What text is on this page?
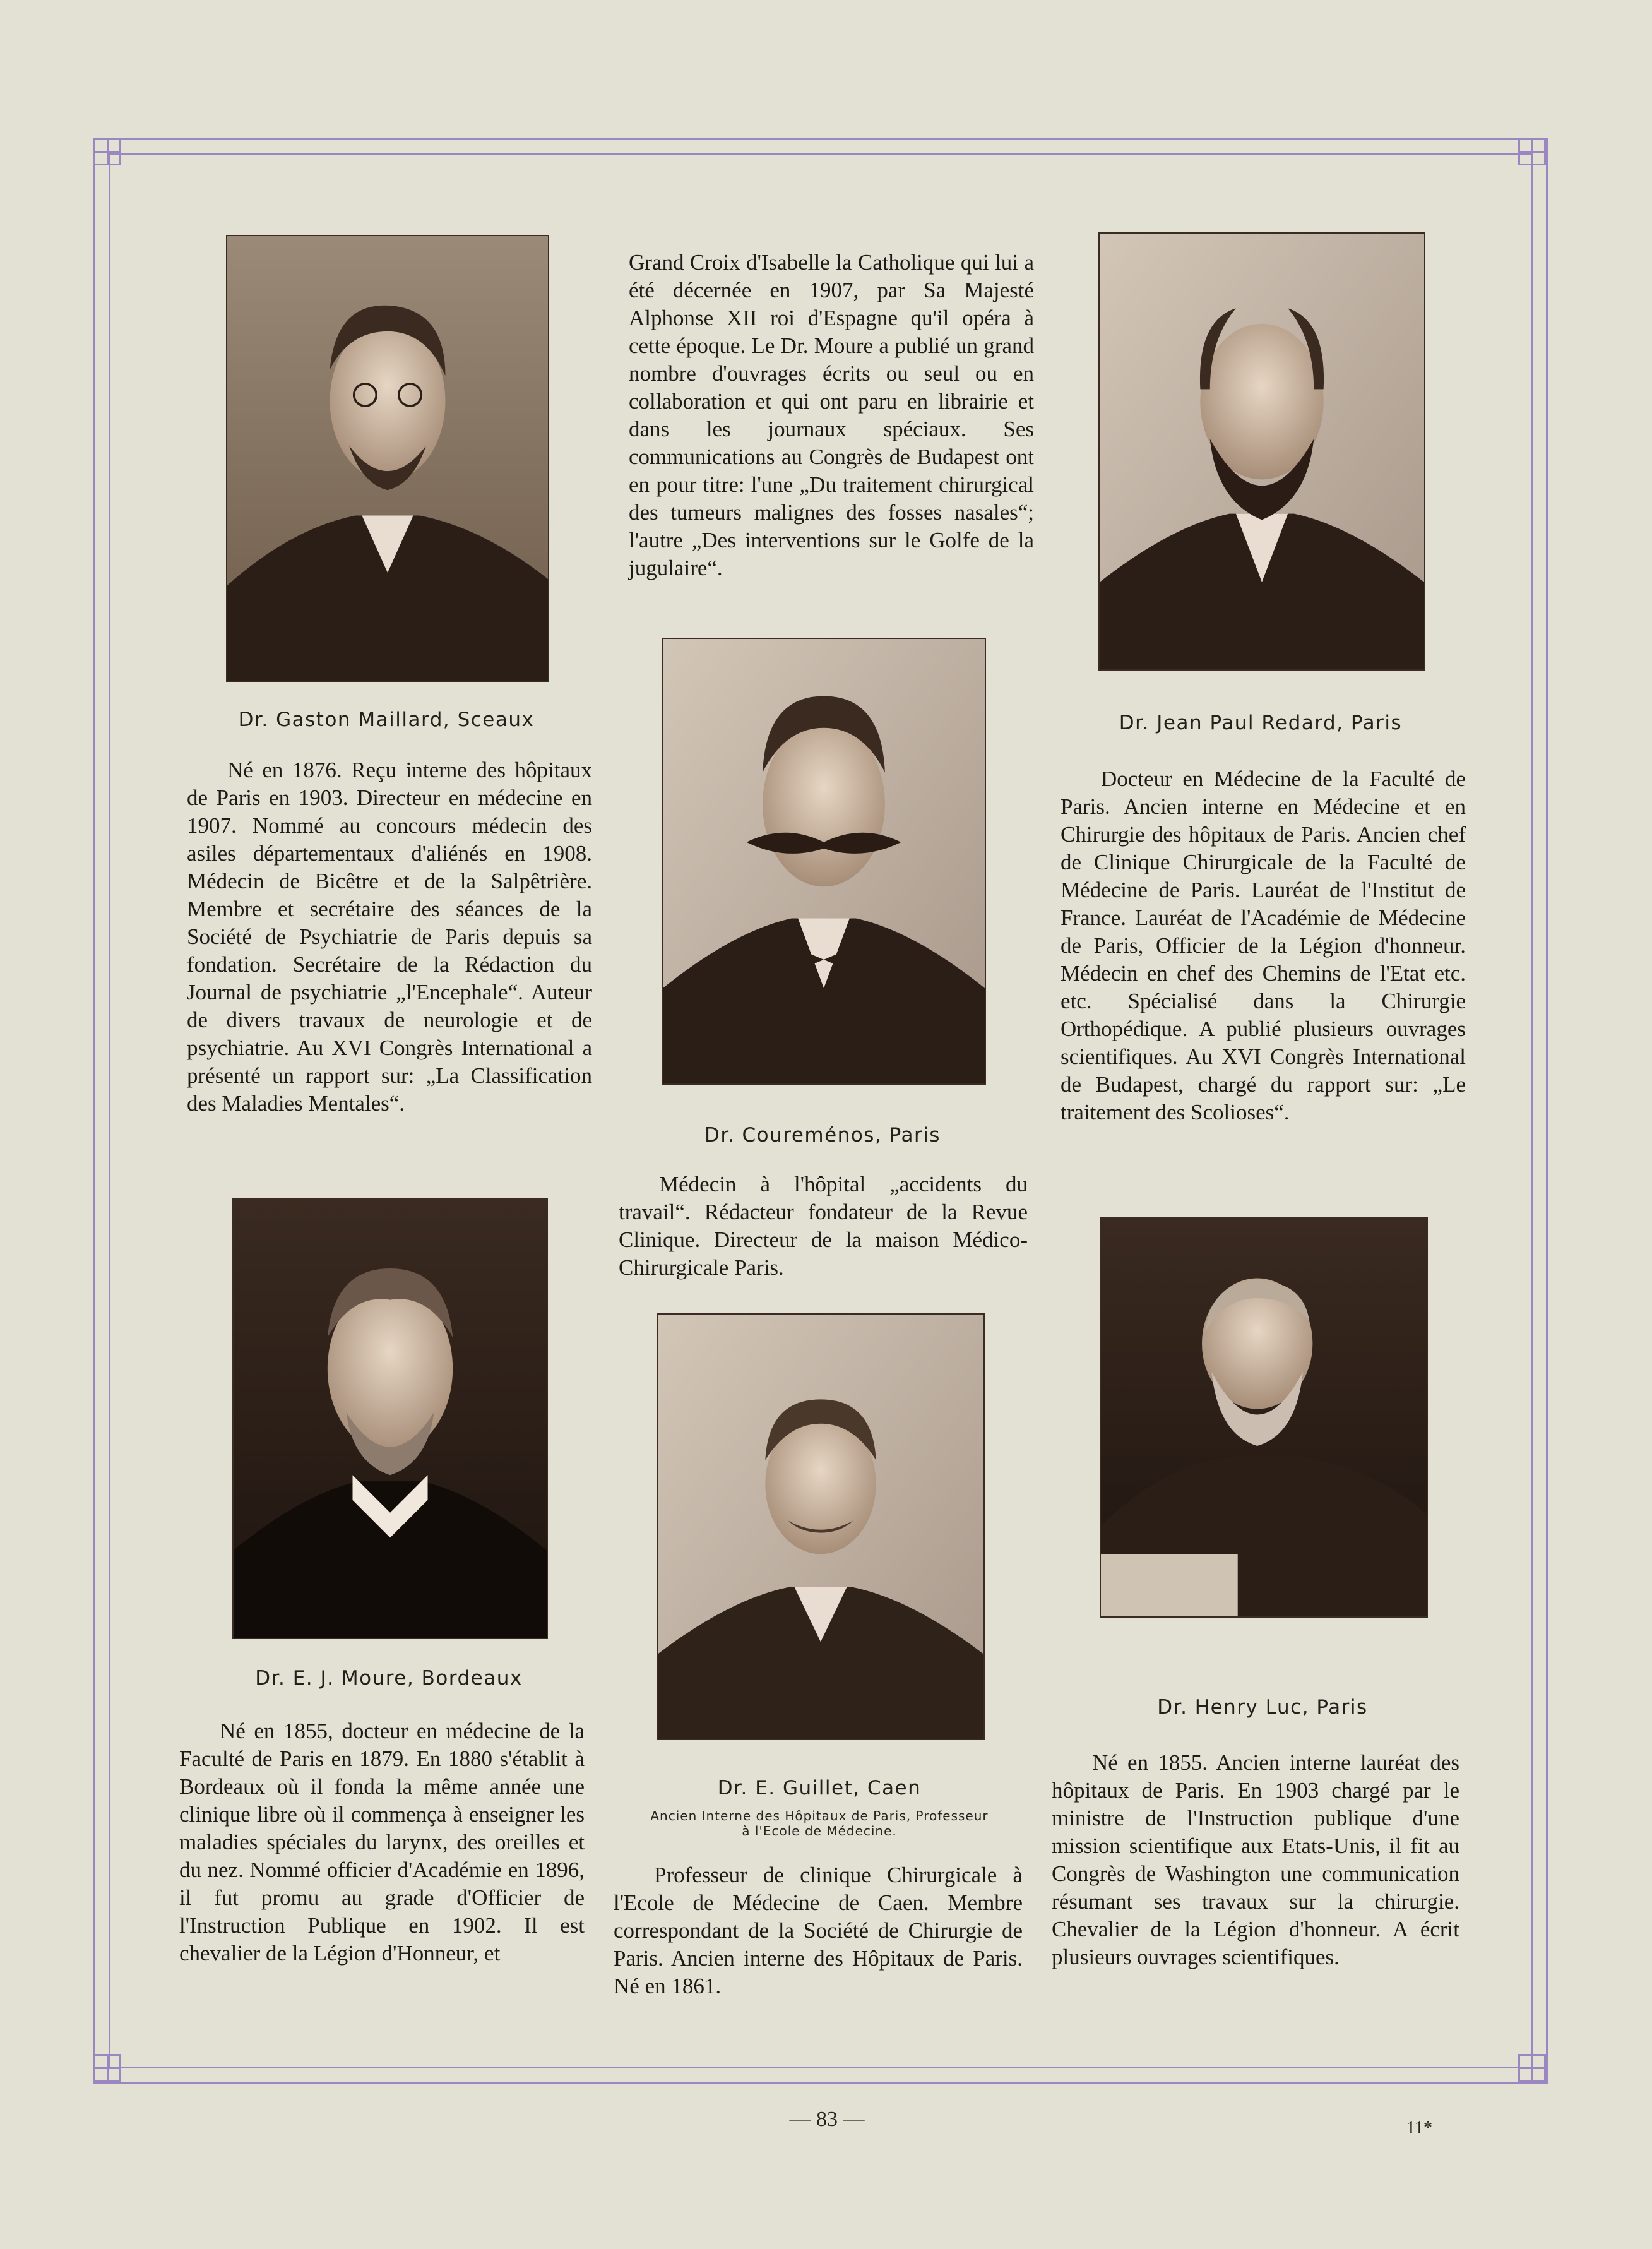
Dr. Gaston Maillard, Sceaux

Né en 1876. Reçu interne des hôpitaux de Paris en 1903. Directeur en médecine en 1907. Nommé au concours médecin des asiles départementaux d'aliénés en 1908. Médecin de Bicêtre et de la Salpêtrière. Membre et secrétaire des séances de la Société de Psychiatrie de Paris depuis sa fondation. Secrétaire de la Rédaction du Journal de psychiatrie „l'Encephale“. Auteur de divers travaux de neurologie et de psychiatrie. Au XVI Congrès International a présenté un rapport sur: „La Classification des Maladies Mentales“.

Grand Croix d'Isabelle la Catholique qui lui a été décernée en 1907, par Sa Majesté Alphonse XII roi d'Espagne qu'il opéra à cette époque. Le Dr. Moure a publié un grand nombre d'ouvrages écrits ou seul ou en collaboration et qui ont paru en librairie et dans les journaux spéciaux. Ses communications au Congrès de Budapest ont en pour titre: l'une „Du traitement chirurgical des tumeurs malignes des fosses nasales“; l'autre „Des interventions sur le Golfe de la jugulaire“.

Dr. Jean Paul Redard, Paris

Docteur en Médecine de la Faculté de Paris. Ancien interne en Médecine et en Chirurgie des hôpitaux de Paris. Ancien chef de Clinique Chirurgicale de la Faculté de Médecine de Paris. Lauréat de l'Institut de France. Lauréat de l'Académie de Médecine de Paris, Officier de la Légion d'honneur. Médecin en chef des Chemins de l'Etat etc. etc. Spécialisé dans la Chirurgie Orthopédique. A publié plusieurs ouvrages scientifiques. Au XVI Congrès International de Budapest, chargé du rapport sur: „Le traitement des Scolioses“.

Dr. Coureménos, Paris

Médecin à l'hôpital „accidents du travail“. Rédacteur fondateur de la Revue Clinique. Directeur de la maison Médico-Chirurgicale Paris.

Dr. E. J. Moure, Bordeaux

Né en 1855, docteur en médecine de la Faculté de Paris en 1879. En 1880 s'établit à Bordeaux où il fonda la même année une clinique libre où il commença à enseigner les maladies spéciales du larynx, des oreilles et du nez. Nommé officier d'Académie en 1896, il fut promu au grade d'Officier de l'Instruction Publique en 1902. Il est chevalier de la Légion d'Honneur, et

Dr. E. Guillet, Caen
Ancien Interne des Hôpitaux de Paris, Professeur
à l'Ecole de Médecine.

Professeur de clinique Chirurgicale à l'Ecole de Médecine de Caen. Membre correspondant de la Société de Chirurgie de Paris. Ancien interne des Hôpitaux de Paris. Né en 1861.

Dr. Henry Luc, Paris

Né en 1855. Ancien interne lauréat des hôpitaux de Paris. En 1903 chargé par le ministre de l'Instruction publique d'une mission scientifique aux Etats-Unis, il fit au Congrès de Washington une communication résumant ses travaux sur la chirurgie. Chevalier de la Légion d'honneur. A écrit plusieurs ouvrages scientifiques.

— 83 —	11*
